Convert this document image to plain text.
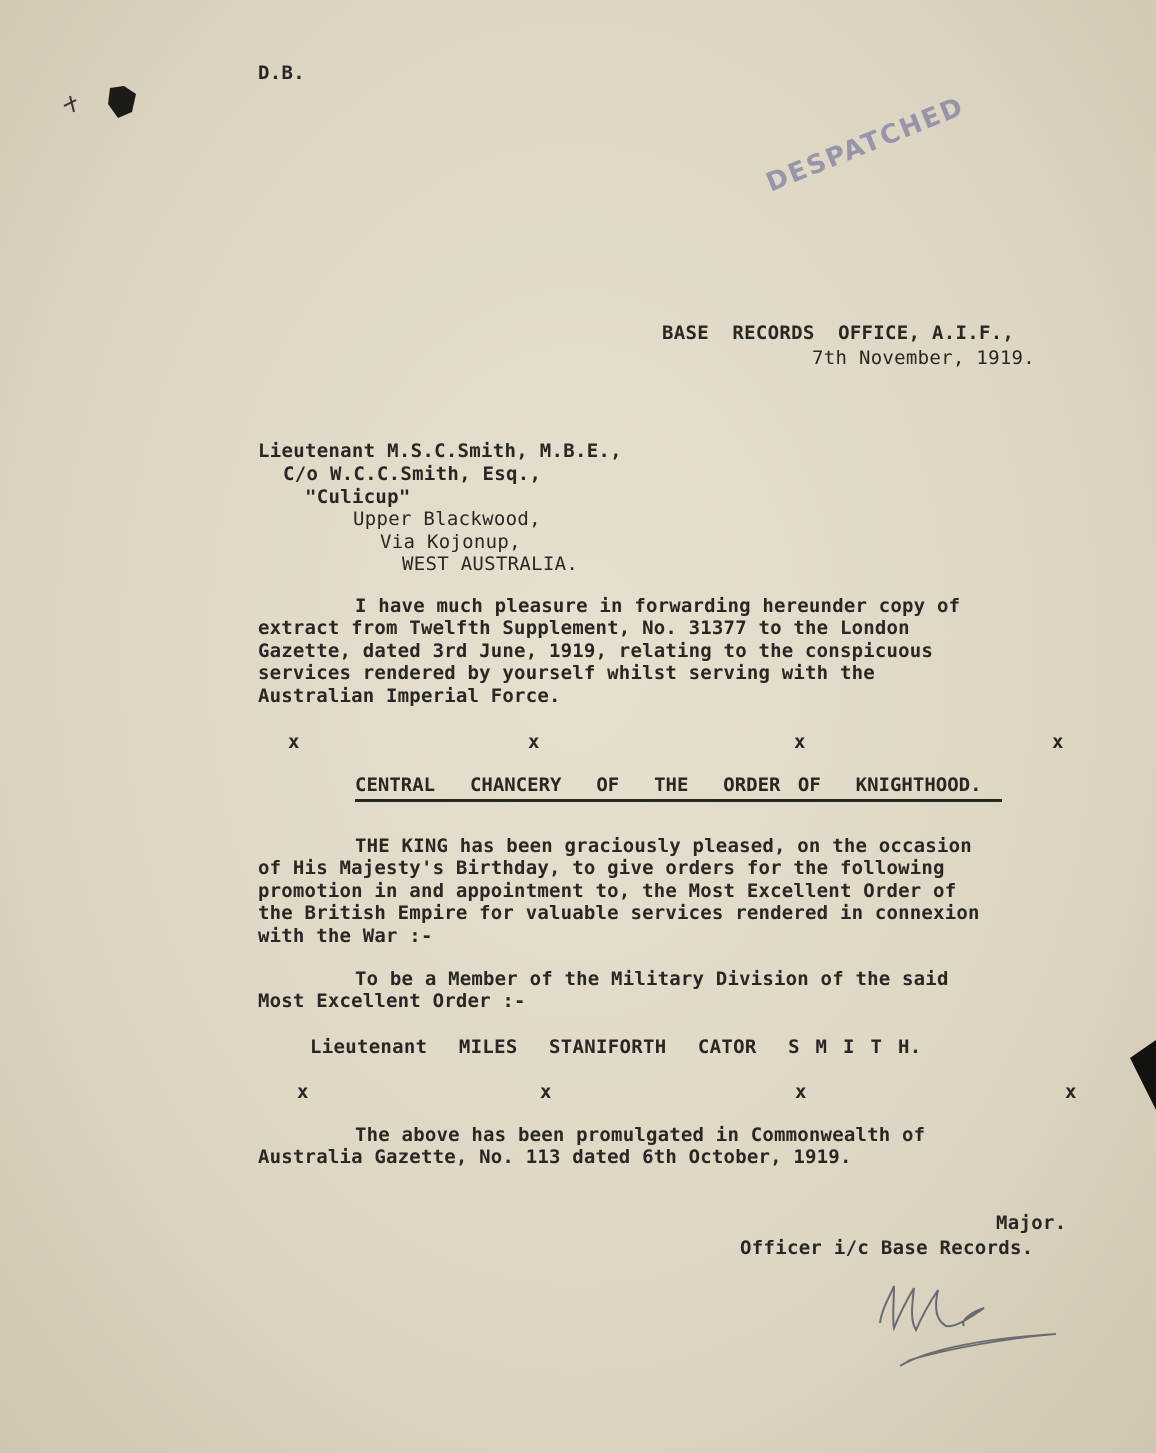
D.B.
DESPATCHED
BASE  RECORDS  OFFICE, A.I.F.,
7th November, 1919.
Lieutenant M.S.C.Smith, M.B.E.,
C/o W.C.C.Smith, Esq.,
"Culicup"
Upper Blackwood,
Via Kojonup,
WEST AUSTRALIA.
I have much pleasure in forwarding hereunder copy of
extract from Twelfth Supplement, No. 31377 to the London
Gazette, dated 3rd June, 1919, relating to the conspicuous
services rendered by yourself whilst serving with the
Australian Imperial Force.
x	x	x	x
CENTRAL  CHANCERY  OF  THE  ORDER OF  KNIGHTHOOD.
THE KING has been graciously pleased, on the occasion
of His Majesty's Birthday, to give orders for the following
promotion in and appointment to, the Most Excellent Order of
the British Empire for valuable services rendered in connexion
with the War :-
To be a Member of the Military Division of the said
Most Excellent Order :-
Lieutenant  MILES  STANIFORTH  CATOR  S M I T H.
x	x	x	x
The above has been promulgated in Commonwealth of
Australia Gazette, No. 113 dated 6th October, 1919.
Major.
Officer i/c Base Records.
